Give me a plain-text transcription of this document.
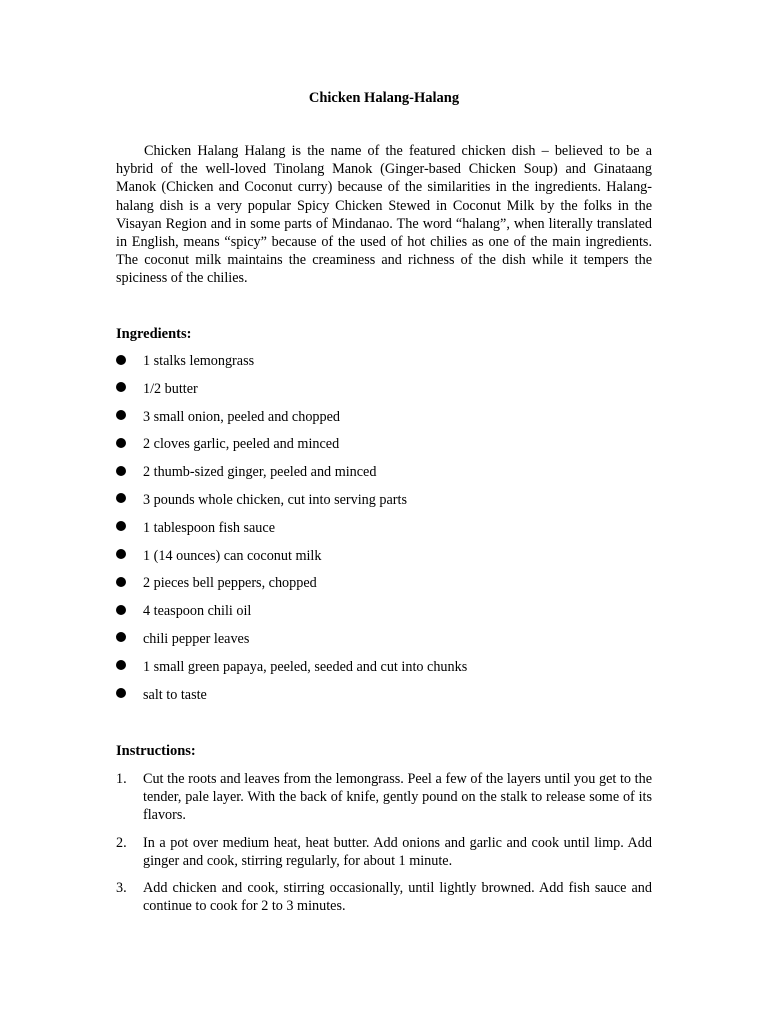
Chicken Halang-Halang

Chicken Halang Halang is the name of the featured chicken dish – believed to be a hybrid of the well-loved Tinolang Manok (Ginger-based Chicken Soup) and Ginataang Manok (Chicken and Coconut curry) because of the similarities in the ingredients. Halang-halang dish is a very popular Spicy Chicken Stewed in Coconut Milk by the folks in the Visayan Region and in some parts of Mindanao. The word “halang”, when literally translated in English, means “spicy” because of the used of hot chilies as one of the main ingredients. The coconut milk maintains the creaminess and richness of the dish while it tempers the spiciness of the chilies.

Ingredients:
1 stalks lemongrass
1/2 butter
3 small onion, peeled and chopped
2 cloves garlic, peeled and minced
2 thumb-sized ginger, peeled and minced
3 pounds whole chicken, cut into serving parts
1 tablespoon fish sauce
1 (14 ounces) can coconut milk
2 pieces bell peppers, chopped
4 teaspoon chili oil
chili pepper leaves
1 small green papaya, peeled, seeded and cut into chunks
salt to taste
Instructions:
1. Cut the roots and leaves from the lemongrass. Peel a few of the layers until you get to the tender, pale layer. With the back of knife, gently pound on the stalk to release some of its flavors.
2. In a pot over medium heat, heat butter. Add onions and garlic and cook until limp. Add ginger and cook, stirring regularly, for about 1 minute.
3. Add chicken and cook, stirring occasionally, until lightly browned. Add fish sauce and continue to cook for 2 to 3 minutes.
